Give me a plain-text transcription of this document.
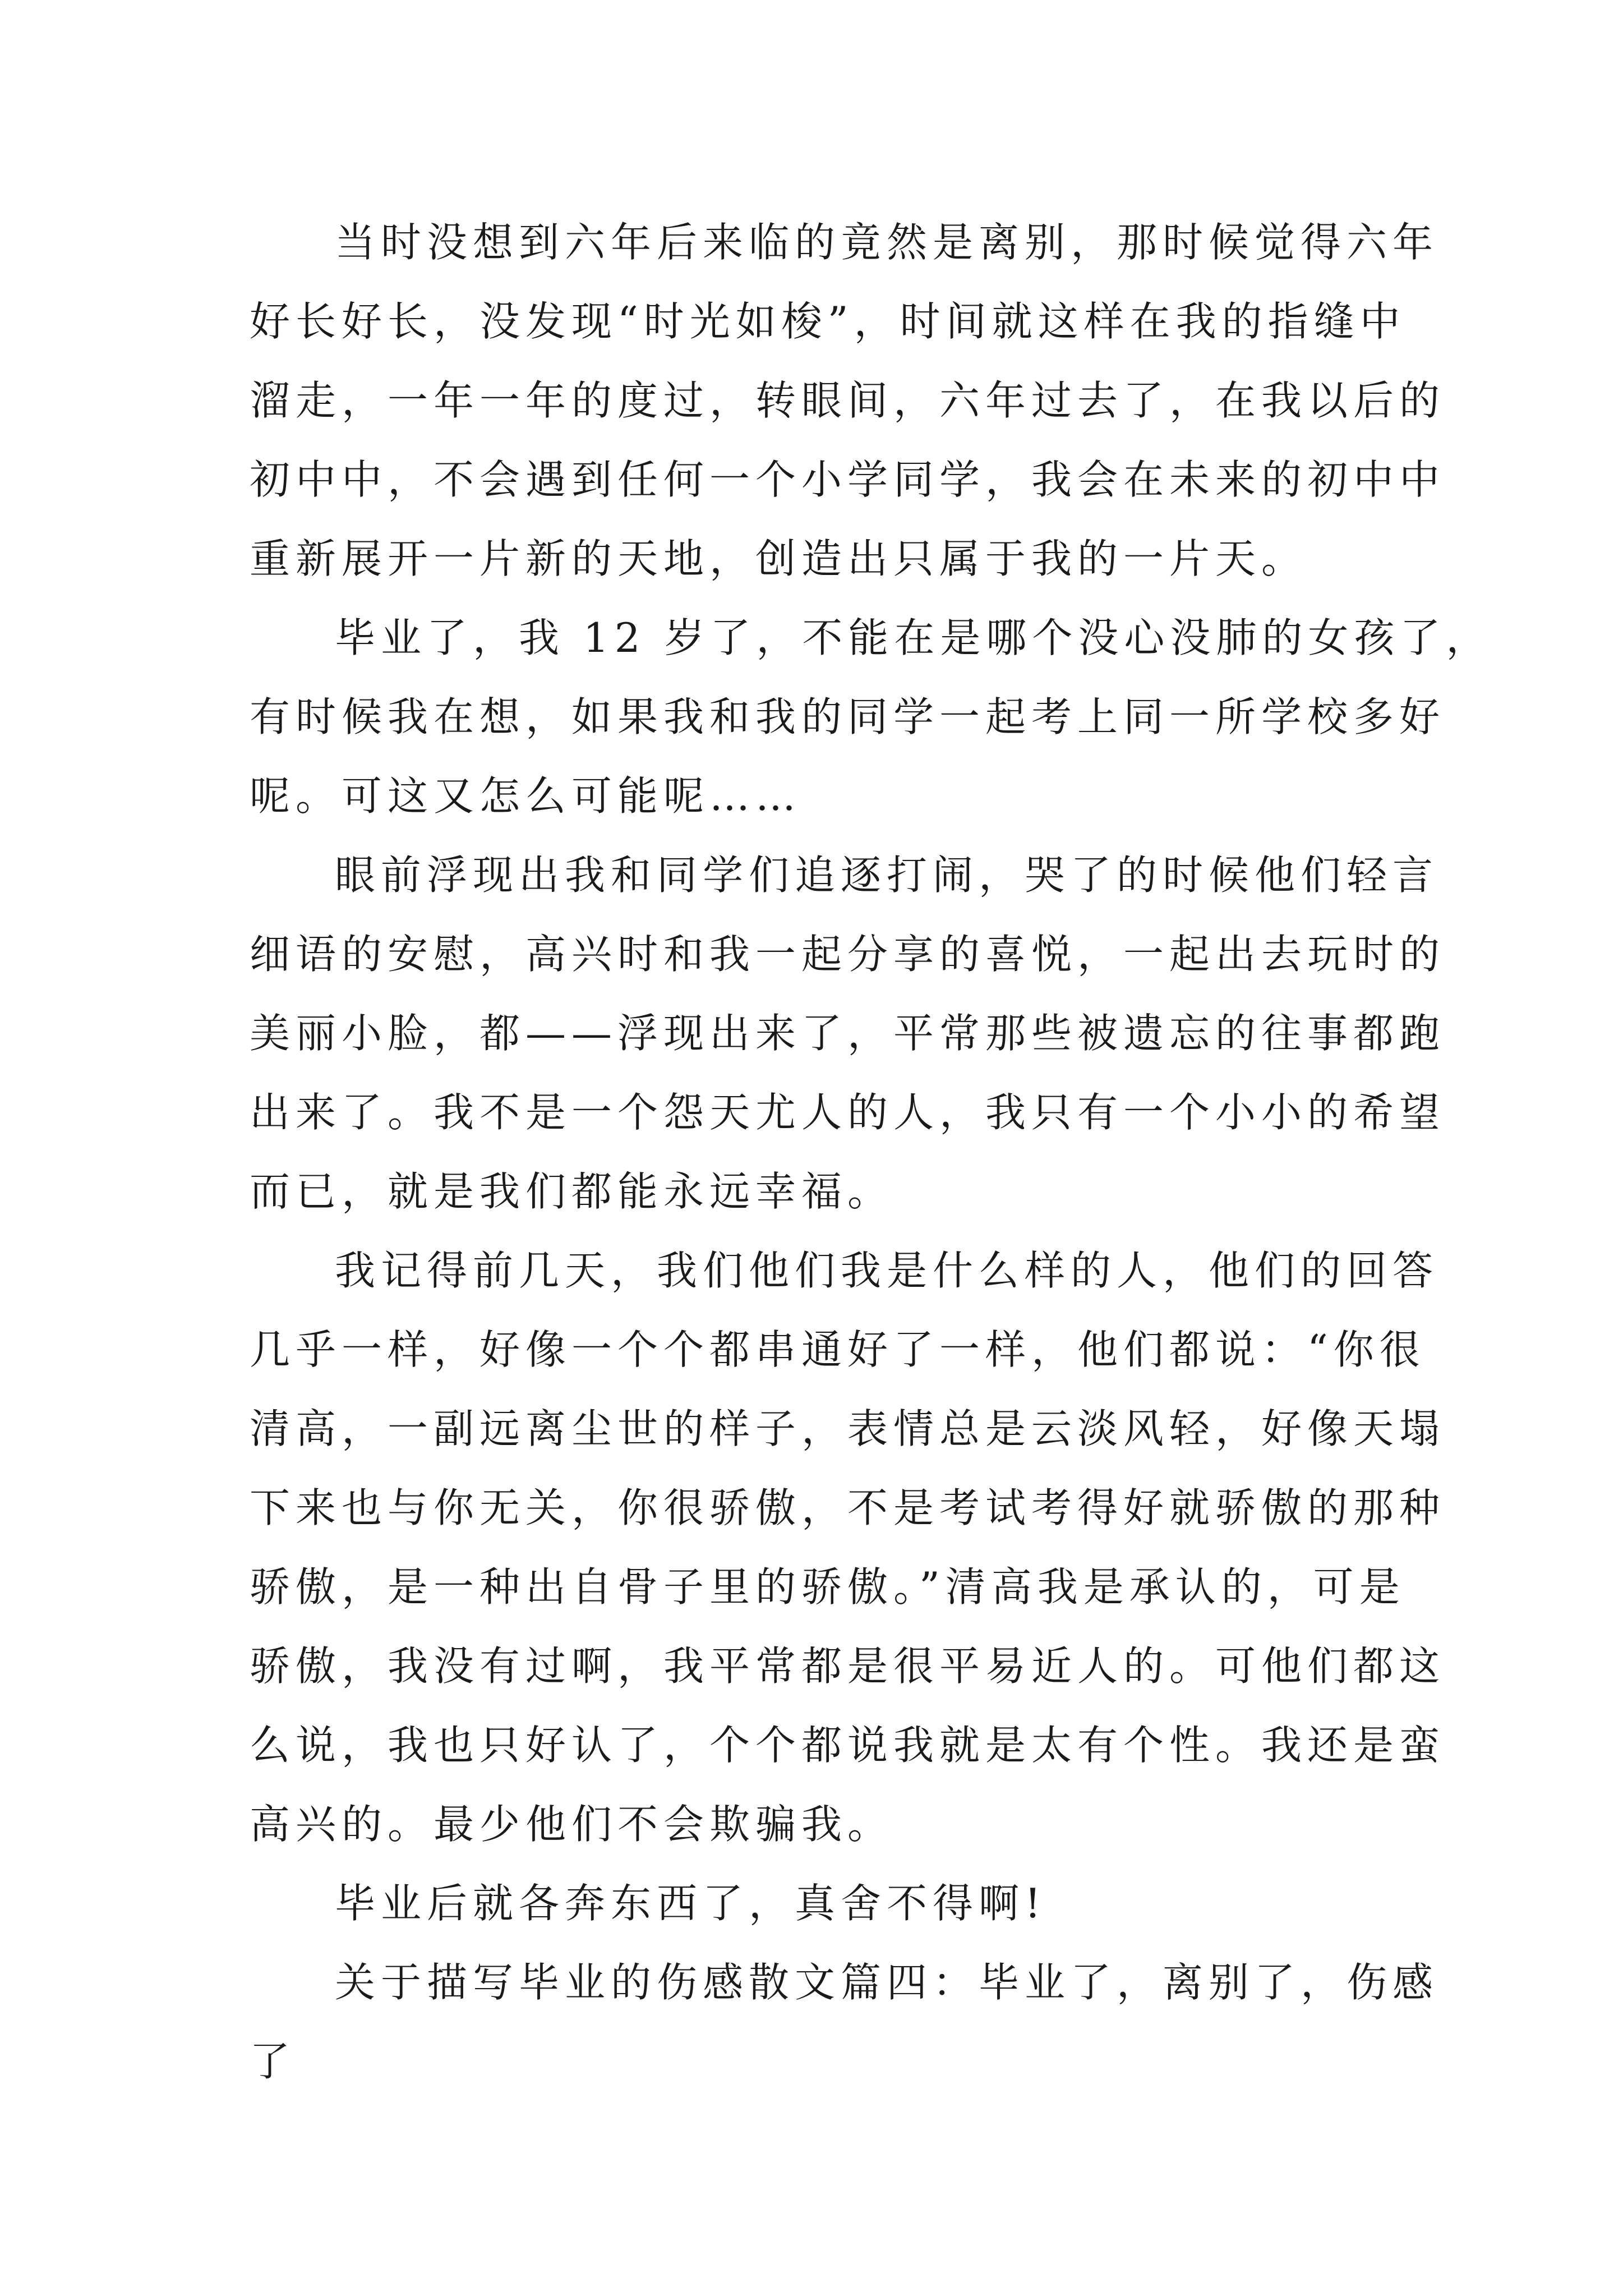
当时没想到六年后来临的竟然是离别，那时候觉得六年
好长好长，没发现“时光如梭”，时间就这样在我的指缝中
溜走，一年一年的度过，转眼间，六年过去了，在我以后的
初中中，不会遇到任何一个小学同学，我会在未来的初中中
重新展开一片新的天地，创造出只属于我的一片天。

毕业了，我 12 岁了，不能在是哪个没心没肺的女孩了，
有时候我在想，如果我和我的同学一起考上同一所学校多好
呢。可这又怎么可能呢……

眼前浮现出我和同学们追逐打闹，哭了的时候他们轻言
细语的安慰，高兴时和我一起分享的喜悦，一起出去玩时的
美丽小脸，都——浮现出来了，平常那些被遗忘的往事都跑
出来了。我不是一个怨天尤人的人，我只有一个小小的希望
而已，就是我们都能永远幸福。

我记得前几天，我们他们我是什么样的人，他们的回答
几乎一样，好像一个个都串通好了一样，他们都说：“你很
清高，一副远离尘世的样子，表情总是云淡风轻，好像天塌
下来也与你无关，你很骄傲，不是考试考得好就骄傲的那种
骄傲，是一种出自骨子里的骄傲。”清高我是承认的，可是
骄傲，我没有过啊，我平常都是很平易近人的。可他们都这
么说，我也只好认了，个个都说我就是太有个性。我还是蛮
高兴的。最少他们不会欺骗我。

毕业后就各奔东西了，真舍不得啊!

关于描写毕业的伤感散文篇四：毕业了，离别了，伤感
了
